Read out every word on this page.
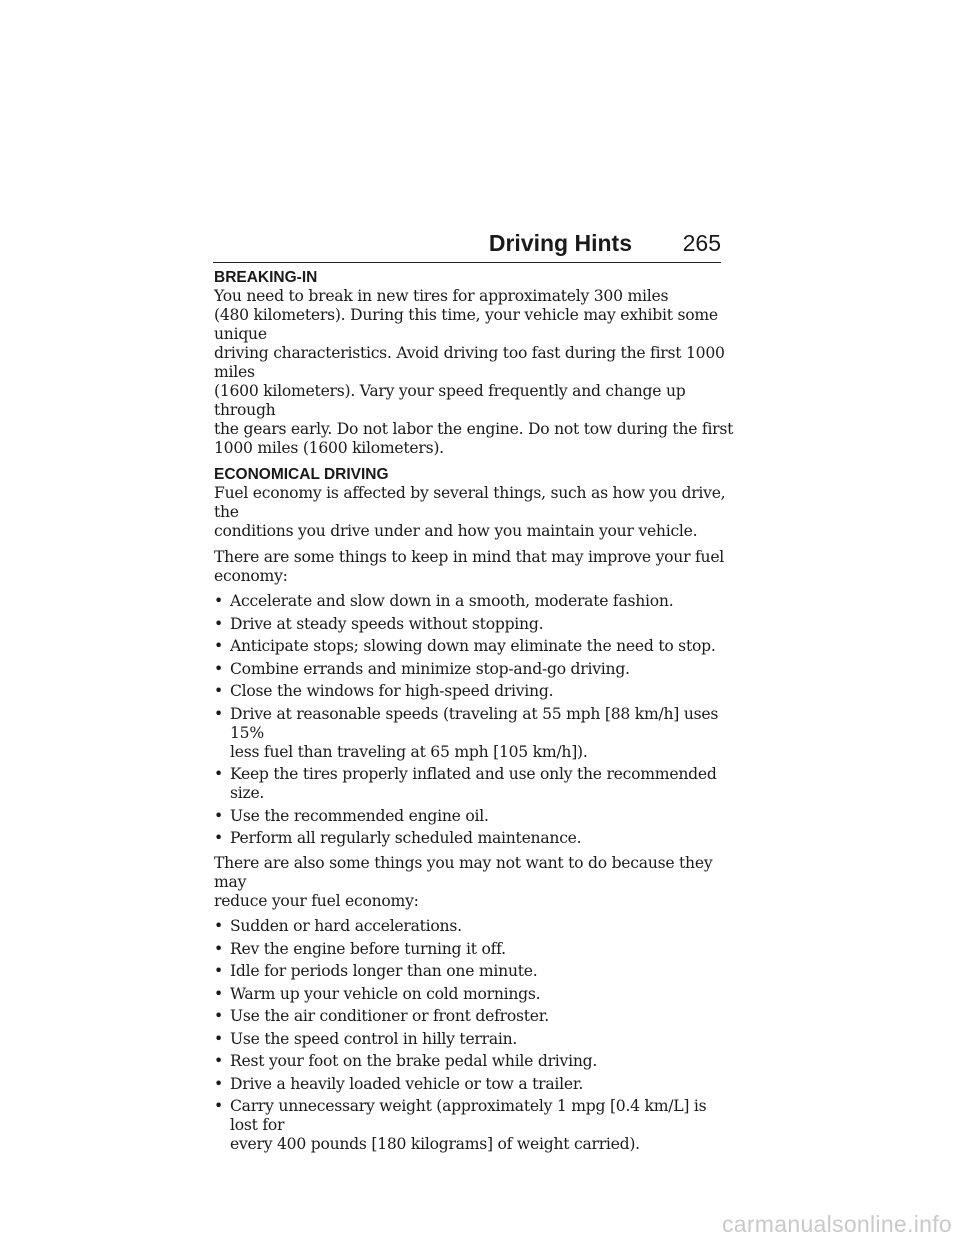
Driving Hints 265
BREAKING-IN

You need to break in new tires for approximately 300 miles
(480 kilometers). During this time, your vehicle may exhibit some unique
driving characteristics. Avoid driving too fast during the first 1000 miles
(1600 kilometers). Vary your speed frequently and change up through
the gears early. Do not labor the engine. Do not tow during the first
1000 miles (1600 kilometers).

ECONOMICAL DRIVING

Fuel economy is affected by several things, such as how you drive, the
conditions you drive under and how you maintain your vehicle.

There are some things to keep in mind that may improve your fuel
economy:

• Accelerate and slow down in a smooth, moderate fashion.
• Drive at steady speeds without stopping.
• Anticipate stops; slowing down may eliminate the need to stop.
• Combine errands and minimize stop-and-go driving.
• Close the windows for high-speed driving.
• Drive at reasonable speeds (traveling at 55 mph [88 km/h] uses 15%
less fuel than traveling at 65 mph [105 km/h]).
• Keep the tires properly inflated and use only the recommended size.
• Use the recommended engine oil.
• Perform all regularly scheduled maintenance.

There are also some things you may not want to do because they may
reduce your fuel economy:

• Sudden or hard accelerations.
• Rev the engine before turning it off.
• Idle for periods longer than one minute.
• Warm up your vehicle on cold mornings.
• Use the air conditioner or front defroster.
• Use the speed control in hilly terrain.
• Rest your foot on the brake pedal while driving.
• Drive a heavily loaded vehicle or tow a trailer.
• Carry unnecessary weight (approximately 1 mpg [0.4 km/L] is lost for
every 400 pounds [180 kilograms] of weight carried).
carmanualsonline.info
